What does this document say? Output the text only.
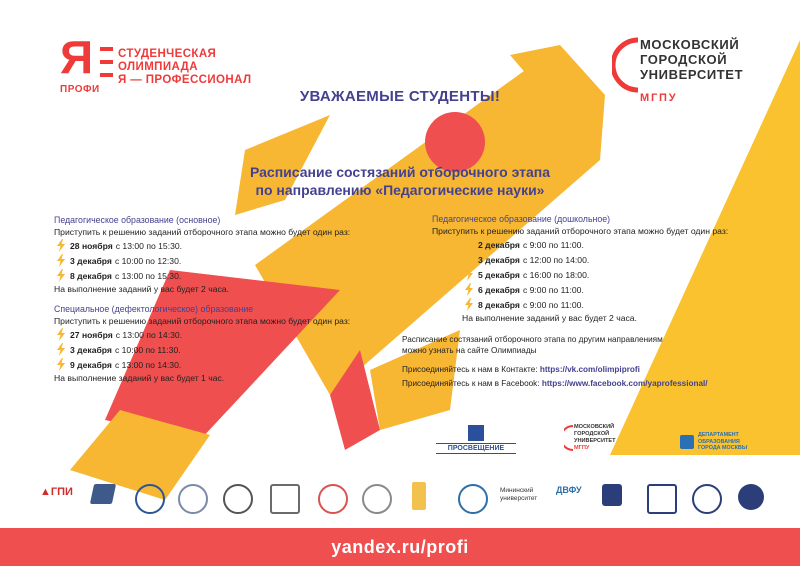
Я
ПРОФИ
СТУДЕНЧЕСКАЯ
ОЛИМПИАДА
Я — ПРОФЕССИОНАЛ
МОСКОВСКИЙ
ГОРОДСКОЙ
УНИВЕРСИТЕТ
МГПУ
УВАЖАЕМЫЕ СТУДЕНТЫ!
Расписание состязаний отборочного этапа
по направлению «Педагогические науки»
Педагогическое образование (основное)
Приступить к решению заданий отборочного этапа можно будет один раз:
28 ноября с 13:00 по 15:30.
3 декабря с 10:00 по 12:30.
8 декабря с 13:00 по 15:30.
На выполнение заданий у вас будет 2 часа.
Специальное (дефектологическое) образование
Приступить к решению заданий отборочного этапа можно будет один раз:
27 ноября с 13:00 по 14:30.
3 декабря с 10:00 по 11:30.
9 декабря с 13:00 по 14:30.
На выполнение заданий у вас будет 1 час.
Педагогическое образование (дошкольное)
Приступить к решению заданий отборочного этапа можно будет один раз:
2 декабря с 9:00 по 11:00.
3 декабря с 12:00 по 14:00.
5 декабря с 16:00 по 18:00.
6 декабря с 9:00 по 11:00.
8 декабря с 9:00 по 11:00.
На выполнение заданий у вас будет 2 часа.
Расписание состязаний отборочного этапа по другим направлениям
можно узнать на сайте Олимпиады
Присоединяйтесь к нам в Контакте: https://vk.com/olimpiprofi
Присоединяйтесь к нам в Facebook: https://www.facebook.com/yaprofessional/
ПРОСВЕЩЕНИЕ
МОСКОВСКИЙ
ГОРОДСКОЙ
УНИВЕРСИТЕТ
МГПУ
ДЕПАРТАМЕНТ
ОБРАЗОВАНИЯ
ГОРОДА МОСКВЫ
▲ГПИ	Мининский
университет
ДВФУ
yandex.ru/profi
